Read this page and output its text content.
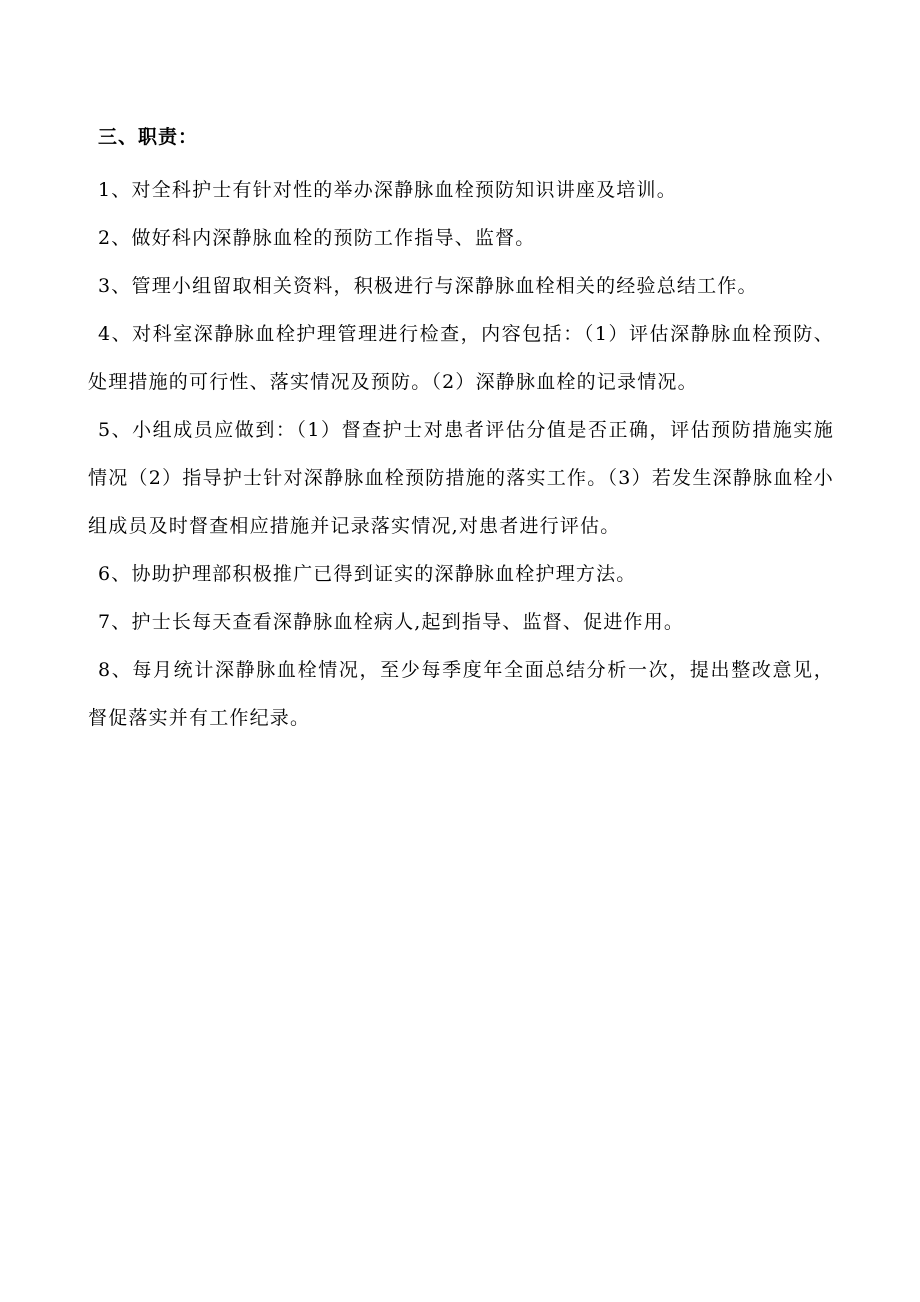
三、职责：

1、对全科护士有针对性的举办深静脉血栓预防知识讲座及培训。

2、做好科内深静脉血栓的预防工作指导、监督。

3、管理小组留取相关资料，积极进行与深静脉血栓相关的经验总结工作。

4、对科室深静脉血栓护理管理进行检查，内容包括：（1）评估深静脉血栓预防、处理措施的可行性、落实情况及预防。（2）深静脉血栓的记录情况。

5、小组成员应做到：（1）督查护士对患者评估分值是否正确，评估预防措施实施情况（2）指导护士针对深静脉血栓预防措施的落实工作。（3）若发生深静脉血栓小组成员及时督查相应措施并记录落实情况,对患者进行评估。

6、协助护理部积极推广已得到证实的深静脉血栓护理方法。

7、护士长每天查看深静脉血栓病人,起到指导、监督、促进作用。

8、每月统计深静脉血栓情况，至少每季度年全面总结分析一次，提出整改意见，督促落实并有工作纪录。
